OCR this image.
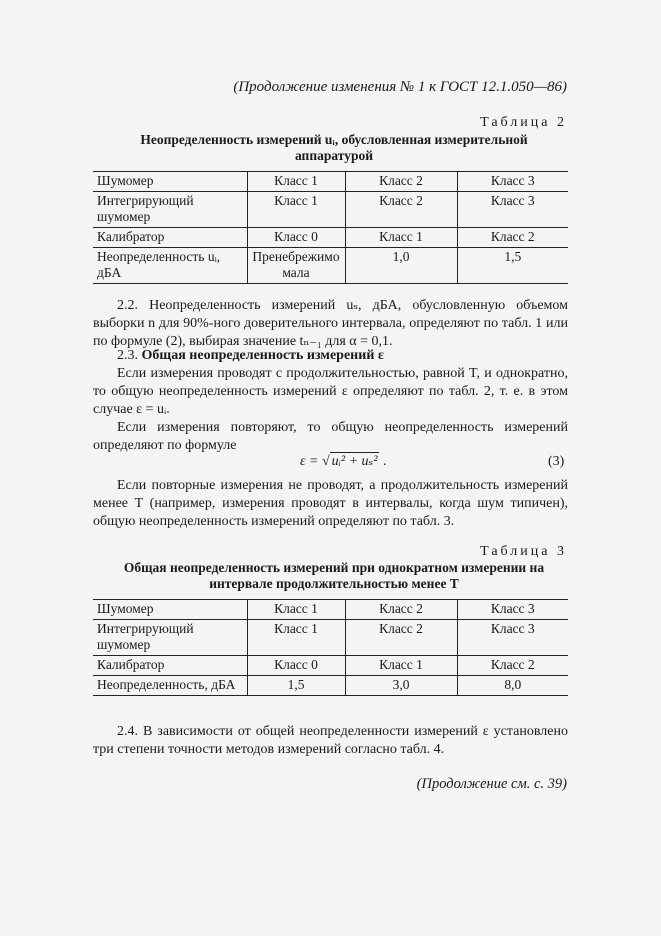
(Продолжение изменения № 1 к ГОСТ 12.1.050—86)
Таблица 2
Неопределенность измерений uᵢ, обусловленная измерительной аппаратурой
Шумомер	Класс 1	Класс 2	Класс 3
Интегрирующий шумомер	Класс 1	Класс 2	Класс 3
Калибратор	Класс 0	Класс 1	Класс 2
Неопределенность uᵢ, дБА	Пренебрежимо мала	1,0	1,5
2.2. Неопределенность измерений uₛ, дБА, обусловленную объемом выборки n для 90%-ного доверительного интервала, определяют по табл. 1 или по формуле (2), выбирая значение tₙ₋₁ для α = 0,1.
2.3. Общая неопределенность измерений ε
Если измерения проводят с продолжительностью, равной T, и однократно, то общую неопределенность измерений ε определяют по табл. 2, т. е. в этом случае ε = uᵢ.
Если измерения повторяют, то общую неопределенность измерений определяют по формуле
ε = √ uᵢ² + uₛ² .	(3)
Если повторные измерения не проводят, а продолжительность измерений менее T (например, измерения проводят в интервалы, когда шум типичен), общую неопределенность измерений определяют по табл. 3.
Таблица 3
Общая неопределенность измерений при однократном измерении на интервале продолжительностью менее T
Шумомер	Класс 1	Класс 2	Класс 3
Интегрирующий шумомер	Класс 1	Класс 2	Класс 3
Калибратор	Класс 0	Класс 1	Класс 2
Неопределенность, дБА	1,5	3,0	8,0
2.4. В зависимости от общей неопределенности измерений ε установлено три степени точности методов измерений согласно табл. 4.
(Продолжение см. с. 39)
